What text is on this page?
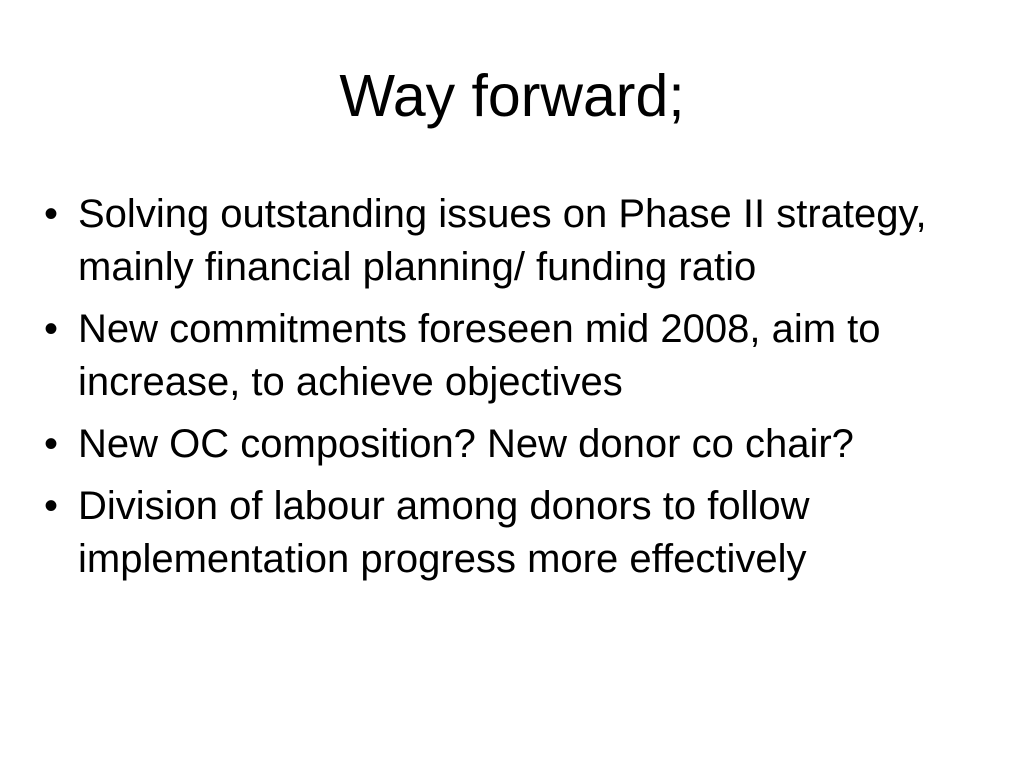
Way forward;
• Solving outstanding issues on Phase II strategy, mainly financial planning/ funding ratio
• New commitments foreseen mid 2008, aim to increase, to achieve objectives
• New OC composition? New donor co chair?
• Division of labour among donors to follow implementation progress more effectively
